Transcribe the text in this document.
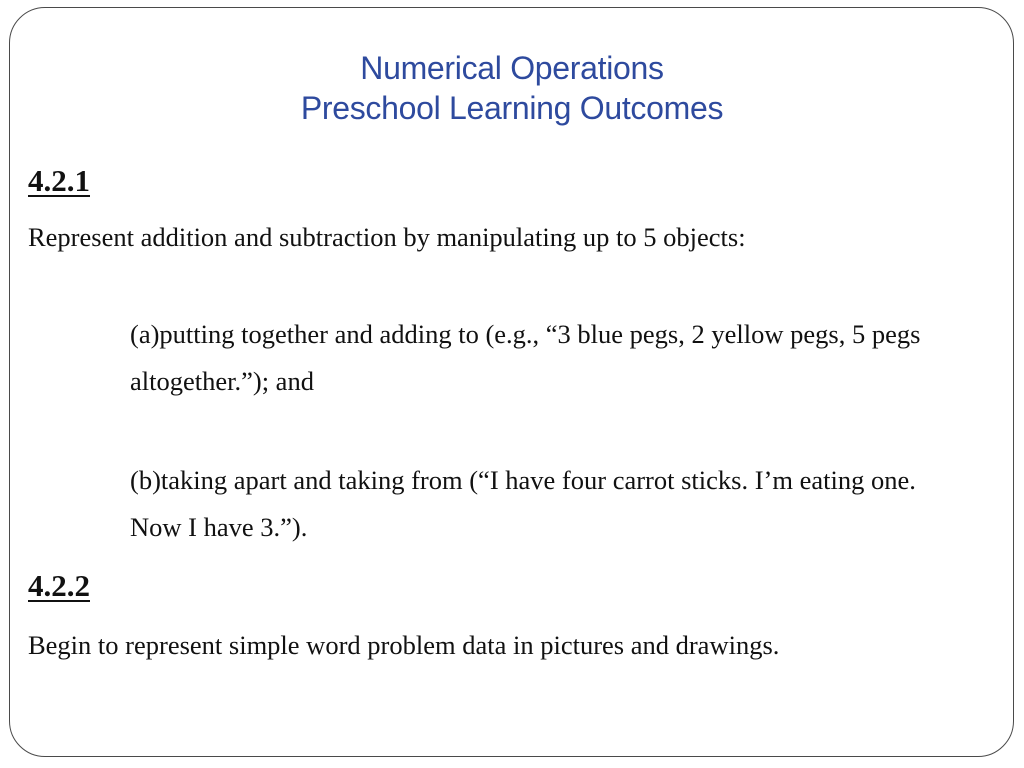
Numerical Operations
Preschool Learning Outcomes
4.2.1
Represent addition and subtraction by manipulating up to 5 objects:
(a)putting together and adding to (e.g., “3 blue pegs, 2 yellow pegs, 5 pegs altogether.”); and
(b)taking apart and taking from (“I have four carrot sticks. I’m eating one. Now I have 3.”).
4.2.2
Begin to represent simple word problem data in pictures and drawings.
